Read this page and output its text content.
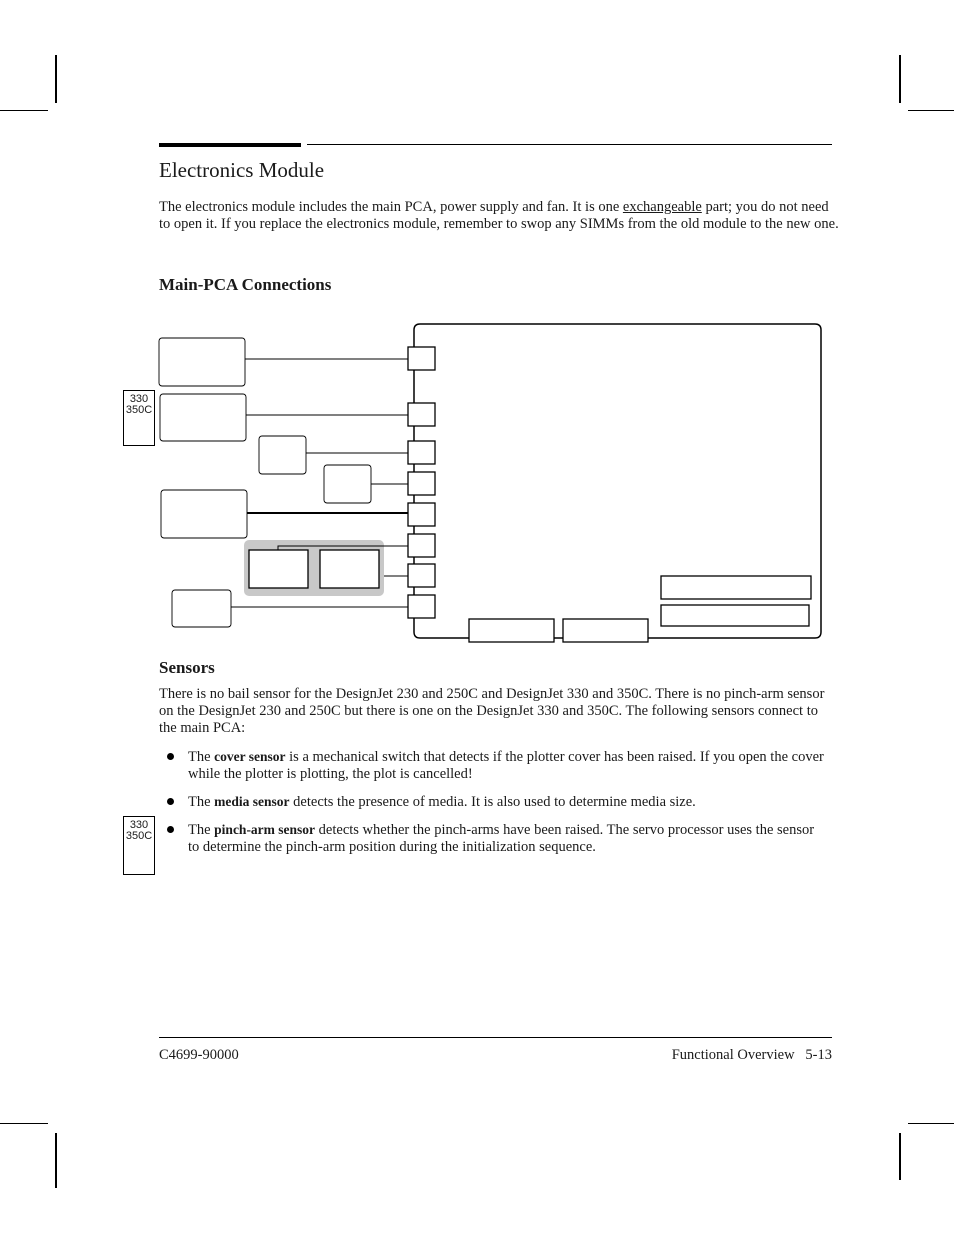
Electronics Module
The electronics module includes the main PCA, power supply and fan. It is one exchangeable part; you do not need to open it. If you replace the electronics module, remember to swop any SIMMs from the old module to the new one.
Main-PCA Connections
330
350C
Sensors
There is no bail sensor for the DesignJet 230 and 250C and DesignJet 330 and 350C. There is no pinch-arm sensor on the DesignJet 230 and 250C but there is one on the DesignJet 330 and 350C. The following sensors connect to the main PCA:
The cover sensor is a mechanical switch that detects if the plotter cover has been raised. If you open the cover while the plotter is plotting, the plot is cancelled!
The media sensor detects the presence of media. It is also used to determine media size.
330
350C The pinch-arm sensor detects whether the pinch-arms have been raised. The servo processor uses the sensor to determine the pinch-arm position during the initialization sequence.
C4699-90000	Functional Overview   5-13
